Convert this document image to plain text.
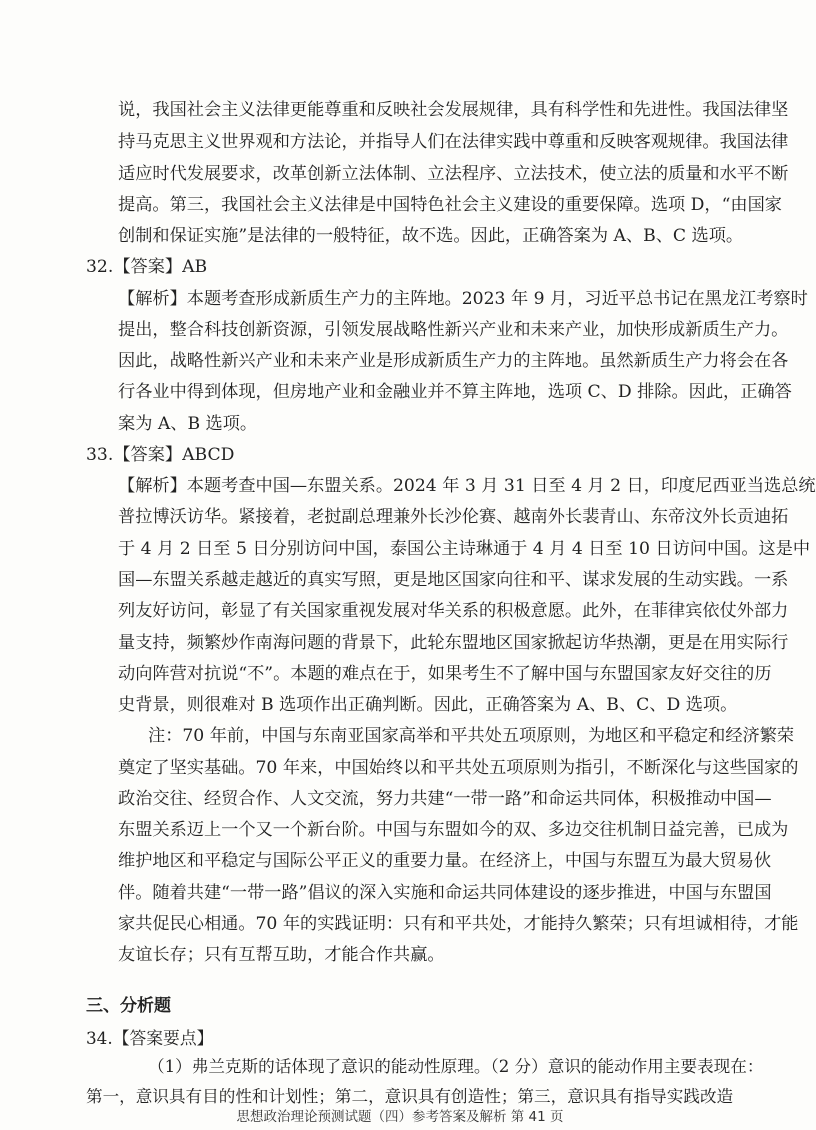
说，我国社会主义法律更能尊重和反映社会发展规律，具有科学性和先进性。我国法律坚
持马克思主义世界观和方法论，并指导人们在法律实践中尊重和反映客观规律。我国法律
适应时代发展要求，改革创新立法体制、立法程序、立法技术，使立法的质量和水平不断
提高。第三，我国社会主义法律是中国特色社会主义建设的重要保障。选项 D，“由国家
创制和保证实施”是法律的一般特征，故不选。因此，正确答案为 A、B、C 选项。
32.【答案】AB
【解析】本题考查形成新质生产力的主阵地。2023 年 9 月，习近平总书记在黑龙江考察时
提出，整合科技创新资源，引领发展战略性新兴产业和未来产业，加快形成新质生产力。
因此，战略性新兴产业和未来产业是形成新质生产力的主阵地。虽然新质生产力将会在各
行各业中得到体现，但房地产业和金融业并不算主阵地，选项 C、D 排除。因此，正确答
案为 A、B 选项。
33.【答案】ABCD
【解析】本题考查中国—东盟关系。2024 年 3 月 31 日至 4 月 2 日，印度尼西亚当选总统
普拉博沃访华。紧接着，老挝副总理兼外长沙伦赛、越南外长裴青山、东帝汶外长贡迪拓
于 4 月 2 日至 5 日分别访问中国，泰国公主诗琳通于 4 月 4 日至 10 日访问中国。这是中
国—东盟关系越走越近的真实写照，更是地区国家向往和平、谋求发展的生动实践。一系
列友好访问，彰显了有关国家重视发展对华关系的积极意愿。此外，在菲律宾依仗外部力
量支持，频繁炒作南海问题的背景下，此轮东盟地区国家掀起访华热潮，更是在用实际行
动向阵营对抗说“不”。本题的难点在于，如果考生不了解中国与东盟国家友好交往的历
史背景，则很难对 B 选项作出正确判断。因此，正确答案为 A、B、C、D 选项。
注：70 年前，中国与东南亚国家高举和平共处五项原则，为地区和平稳定和经济繁荣
奠定了坚实基础。70 年来，中国始终以和平共处五项原则为指引，不断深化与这些国家的
政治交往、经贸合作、人文交流，努力共建“一带一路”和命运共同体，积极推动中国—
东盟关系迈上一个又一个新台阶。中国与东盟如今的双、多边交往机制日益完善，已成为
维护地区和平稳定与国际公平正义的重要力量。在经济上，中国与东盟互为最大贸易伙
伴。随着共建“一带一路”倡议的深入实施和命运共同体建设的逐步推进，中国与东盟国
家共促民心相通。70 年的实践证明：只有和平共处，才能持久繁荣；只有坦诚相待，才能
友谊长存；只有互帮互助，才能合作共赢。
三、分析题
34.【答案要点】
思想政治理论预测试题（四）参考答案及解析 第 41 页
（1）弗兰克斯的话体现了意识的能动性原理。（2 分）意识的能动作用主要表现在：
第一，意识具有目的性和计划性；第二，意识具有创造性；第三，意识具有指导实践改造
